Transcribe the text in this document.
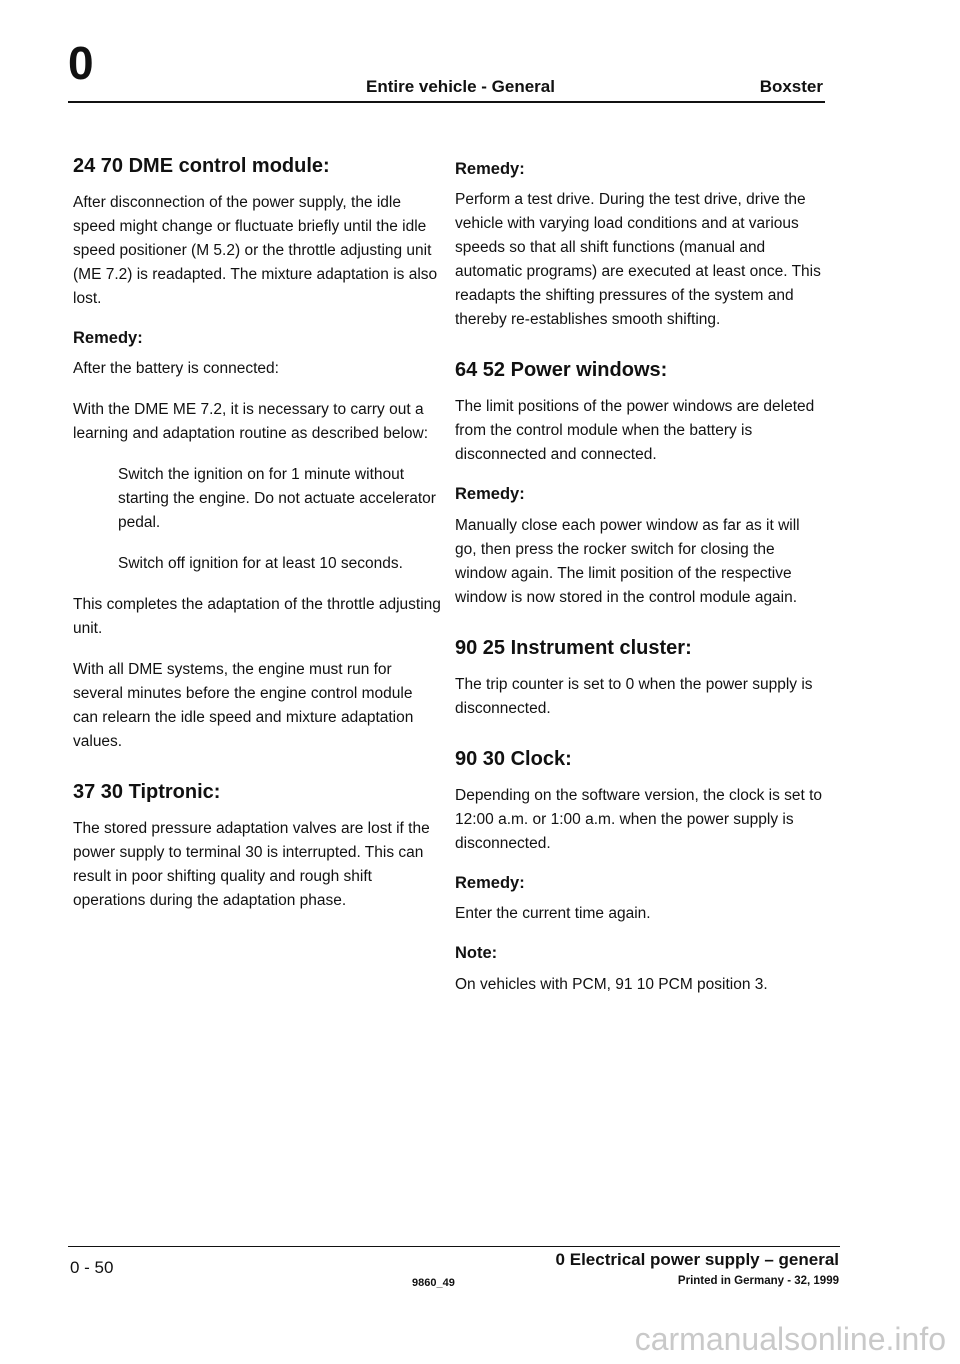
0	Entire vehicle - General	Boxster
24 70 DME control module:

After disconnection of the power supply, the idle speed might change or fluctuate briefly until the idle speed positioner (M 5.2) or the throttle adjusting unit (ME 7.2) is readapted. The mixture adaptation is also lost.

Remedy:

After the battery is connected:

With the DME ME 7.2, it is necessary to carry out a learning and adaptation routine as described below:

Switch the ignition on for 1 minute without starting the engine. Do not actuate accelerator pedal.

Switch off ignition for at least 10 seconds.

This completes the adaptation of the throttle adjusting unit.

With all DME systems, the engine must run for several minutes before the engine control module can relearn the idle speed and mixture adaptation values.

37 30 Tiptronic:

The stored pressure adaptation valves are lost if the power supply to terminal 30 is interrupted. This can result in poor shifting quality and rough shift operations during the adaptation phase.

Remedy:

Perform a test drive. During the test drive, drive the vehicle with varying load conditions and at various speeds so that all shift functions (manual and automatic programs) are executed at least once. This readapts the shifting pressures of the system and thereby re-establishes smooth shifting.

64 52 Power windows:

The limit positions of the power windows are deleted from the control module when the battery is disconnected and connected.

Remedy:

Manually close each power window as far as it will go, then press the rocker switch for closing the window again. The limit position of the respective window is now stored in the control module again.

90 25 Instrument cluster:

The trip counter is set to 0 when the power supply is disconnected.

90 30 Clock:

Depending on the software version, the clock is set to 12:00 a.m. or 1:00 a.m. when the power supply is disconnected.

Remedy:

Enter the current time again.

Note:

On vehicles with PCM, 91 10 PCM position 3.

0 - 50	0 Electrical power supply – general
9860_49	Printed in Germany - 32, 1999
carmanualsonline.info
